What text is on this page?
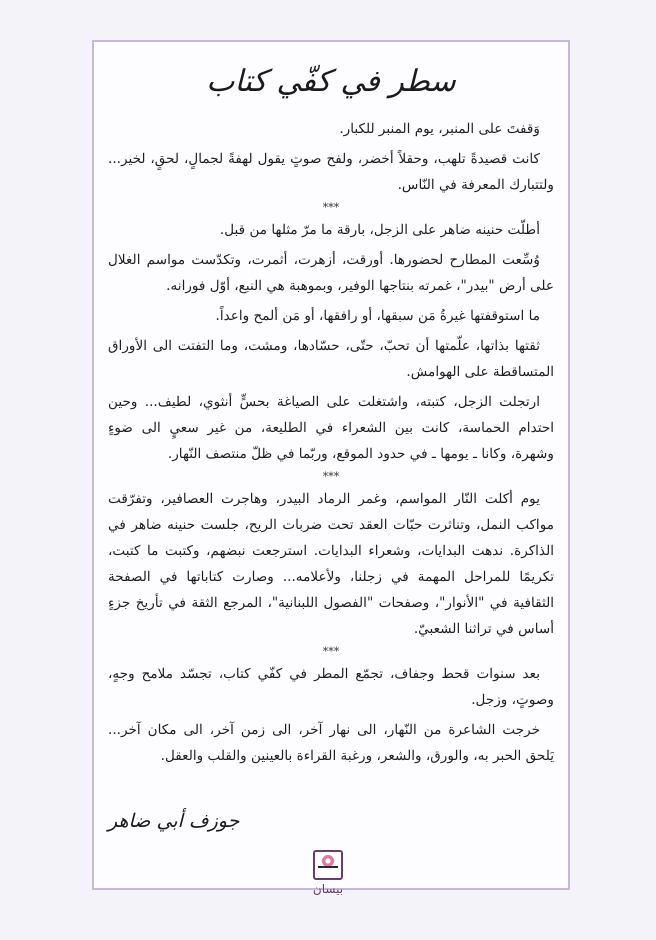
سطر في كفّي كتاب

وَقفتَ على المنبر، يوم المنبر للكبار.

كانت قصيدةً تلهب، وحقلاً أخضر، ولفح صوتٍ يقول لهفةً لجمالٍ، لحقٍ، لخير... ولتتبارك المعرفة في النّاس.

***

أطلّت حنينه ضاهر على الزجل، بارقة ما مرّ مثلها من قبل.

وُسِّعت المطارح لحضورها. أورقت، أزهرت، أثمرت، وتكدّست مواسم الغلال على أرض "بيدر"، غمرته بنتاجها الوفير، وبموهبة هي النبع، أوّل فورانه.

ما استوقفتها غيرةُ مَن سبقها، أو رافقها، أو مَن ألمح واعداً.

ثقتها بذاتها، علّمتها أن تحبّ، حتّى، حسّادها، ومشت، وما التفتت الى الأوراق المتساقطة على الهوامش.

ارتجلت الزجل، كتبته، واشتغلت على الصياغة بحسٍّ أنثوي، لطيف... وحين احتدام الحماسة، كانت بين الشعراء في الطليعة، من غير سعيٍ الى ضوءٍ وشهرة، وكانا ـ يومها ـ في حدود الموقع، وربّما في ظلّ منتصف النّهار.

***

يوم أكلت النّار المواسم، وغمر الرماد البيدر، وهاجرت العصافير، وتفرّقت مواكب النمل، وتناثرت حبّات العقد تحت ضربات الريح، جلست حنينه ضاهر في الذاكرة. ندهت البدايات، وشعراء البدايات. استرجعت نبضهم، وكتبت ما كتبت، تكريمًا للمراحل المهمة في زجلنا، ولأعلامه... وصارت كتاباتها في الصفحة الثقافية في "الأنوار"، وصفحات "الفصول اللبنانية"، المرجع الثقة في تأريخ جزءٍ أساس في تراثنا الشعبيّ.

***

بعد سنوات قحط وجفاف، تجمّع المطر في كفّي كتاب، تجسّد ملامح وجهٍ، وصوتٍ، وزجل.

خرجت الشاعرة من النّهار، الى نهار آخر، الى زمن آخر، الى مكان آخر... يَلحق الحبر به، والورق، والشعر، ورغبة القراءة بالعينين والقلب والعقل.

جوزف أبي ضاهر
بيسان
